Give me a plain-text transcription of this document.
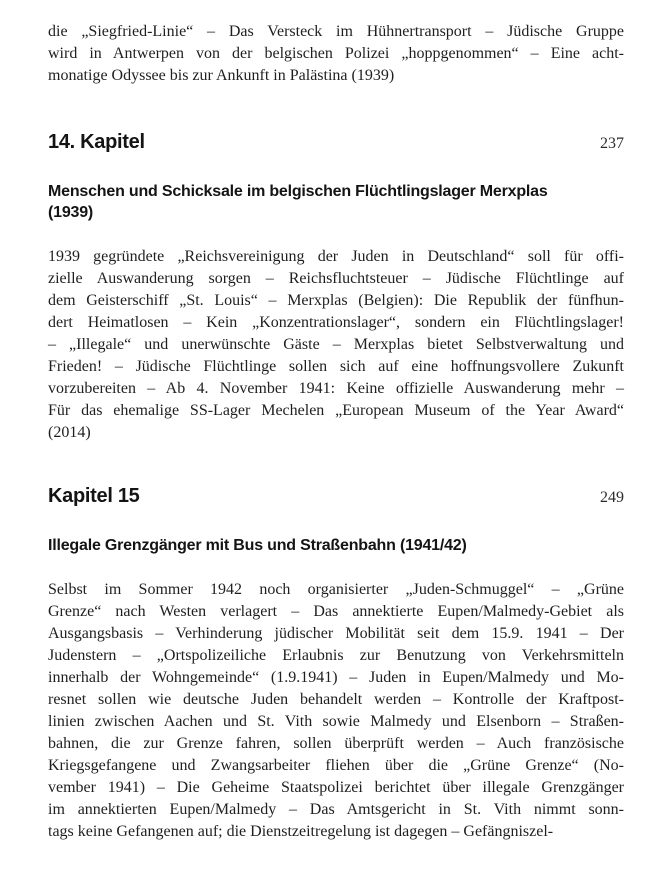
die „Siegfried-Linie“ – Das Versteck im Hühnertransport – Jüdische Gruppe
wird in Antwerpen von der belgischen Polizei „hoppgenommen“ – Eine acht-
monatige Odyssee bis zur Ankunft in Palästina (1939)
14. Kapitel	237
Menschen und Schicksale im belgischen Flüchtlingslager Merxplas
(1939)
1939 gegründete „Reichsvereinigung der Juden in Deutschland“ soll für offi-
zielle Auswanderung sorgen – Reichsfluchtsteuer – Jüdische Flüchtlinge auf
dem Geisterschiff „St. Louis“ – Merxplas (Belgien): Die Republik der fünfhun-
dert Heimatlosen – Kein „Konzentrationslager“, sondern ein Flüchtlingslager!
– „Illegale“ und unerwünschte Gäste – Merxplas bietet Selbstverwaltung und
Frieden! – Jüdische Flüchtlinge sollen sich auf eine hoffnungsvollere Zukunft
vorzubereiten – Ab 4. November 1941: Keine offizielle Auswanderung mehr –
Für das ehemalige SS-Lager Mechelen „European Museum of the Year Award“
(2014)
Kapitel 15	249
Illegale Grenzgänger mit Bus und Straßenbahn (1941/42)
Selbst im Sommer 1942 noch organisierter „Juden-Schmuggel“ – „Grüne
Grenze“ nach Westen verlagert – Das annektierte Eupen/Malmedy-Gebiet als
Ausgangsbasis – Verhinderung jüdischer Mobilität seit dem 15.9. 1941 – Der
Judenstern – „Ortspolizeiliche Erlaubnis zur Benutzung von Verkehrsmitteln
innerhalb der Wohngemeinde“ (1.9.1941) – Juden in Eupen/Malmedy und Mo-
resnet sollen wie deutsche Juden behandelt werden – Kontrolle der Kraftpost-
linien zwischen Aachen und St. Vith sowie Malmedy und Elsenborn – Straßen-
bahnen, die zur Grenze fahren, sollen überprüft werden – Auch französische
Kriegsgefangene und Zwangsarbeiter fliehen über die „Grüne Grenze“ (No-
vember 1941) – Die Geheime Staatspolizei berichtet über illegale Grenzgänger
im annektierten Eupen/Malmedy – Das Amtsgericht in St. Vith nimmt sonn-
tags keine Gefangenen auf; die Dienstzeitregelung ist dagegen – Gefängniszel-
